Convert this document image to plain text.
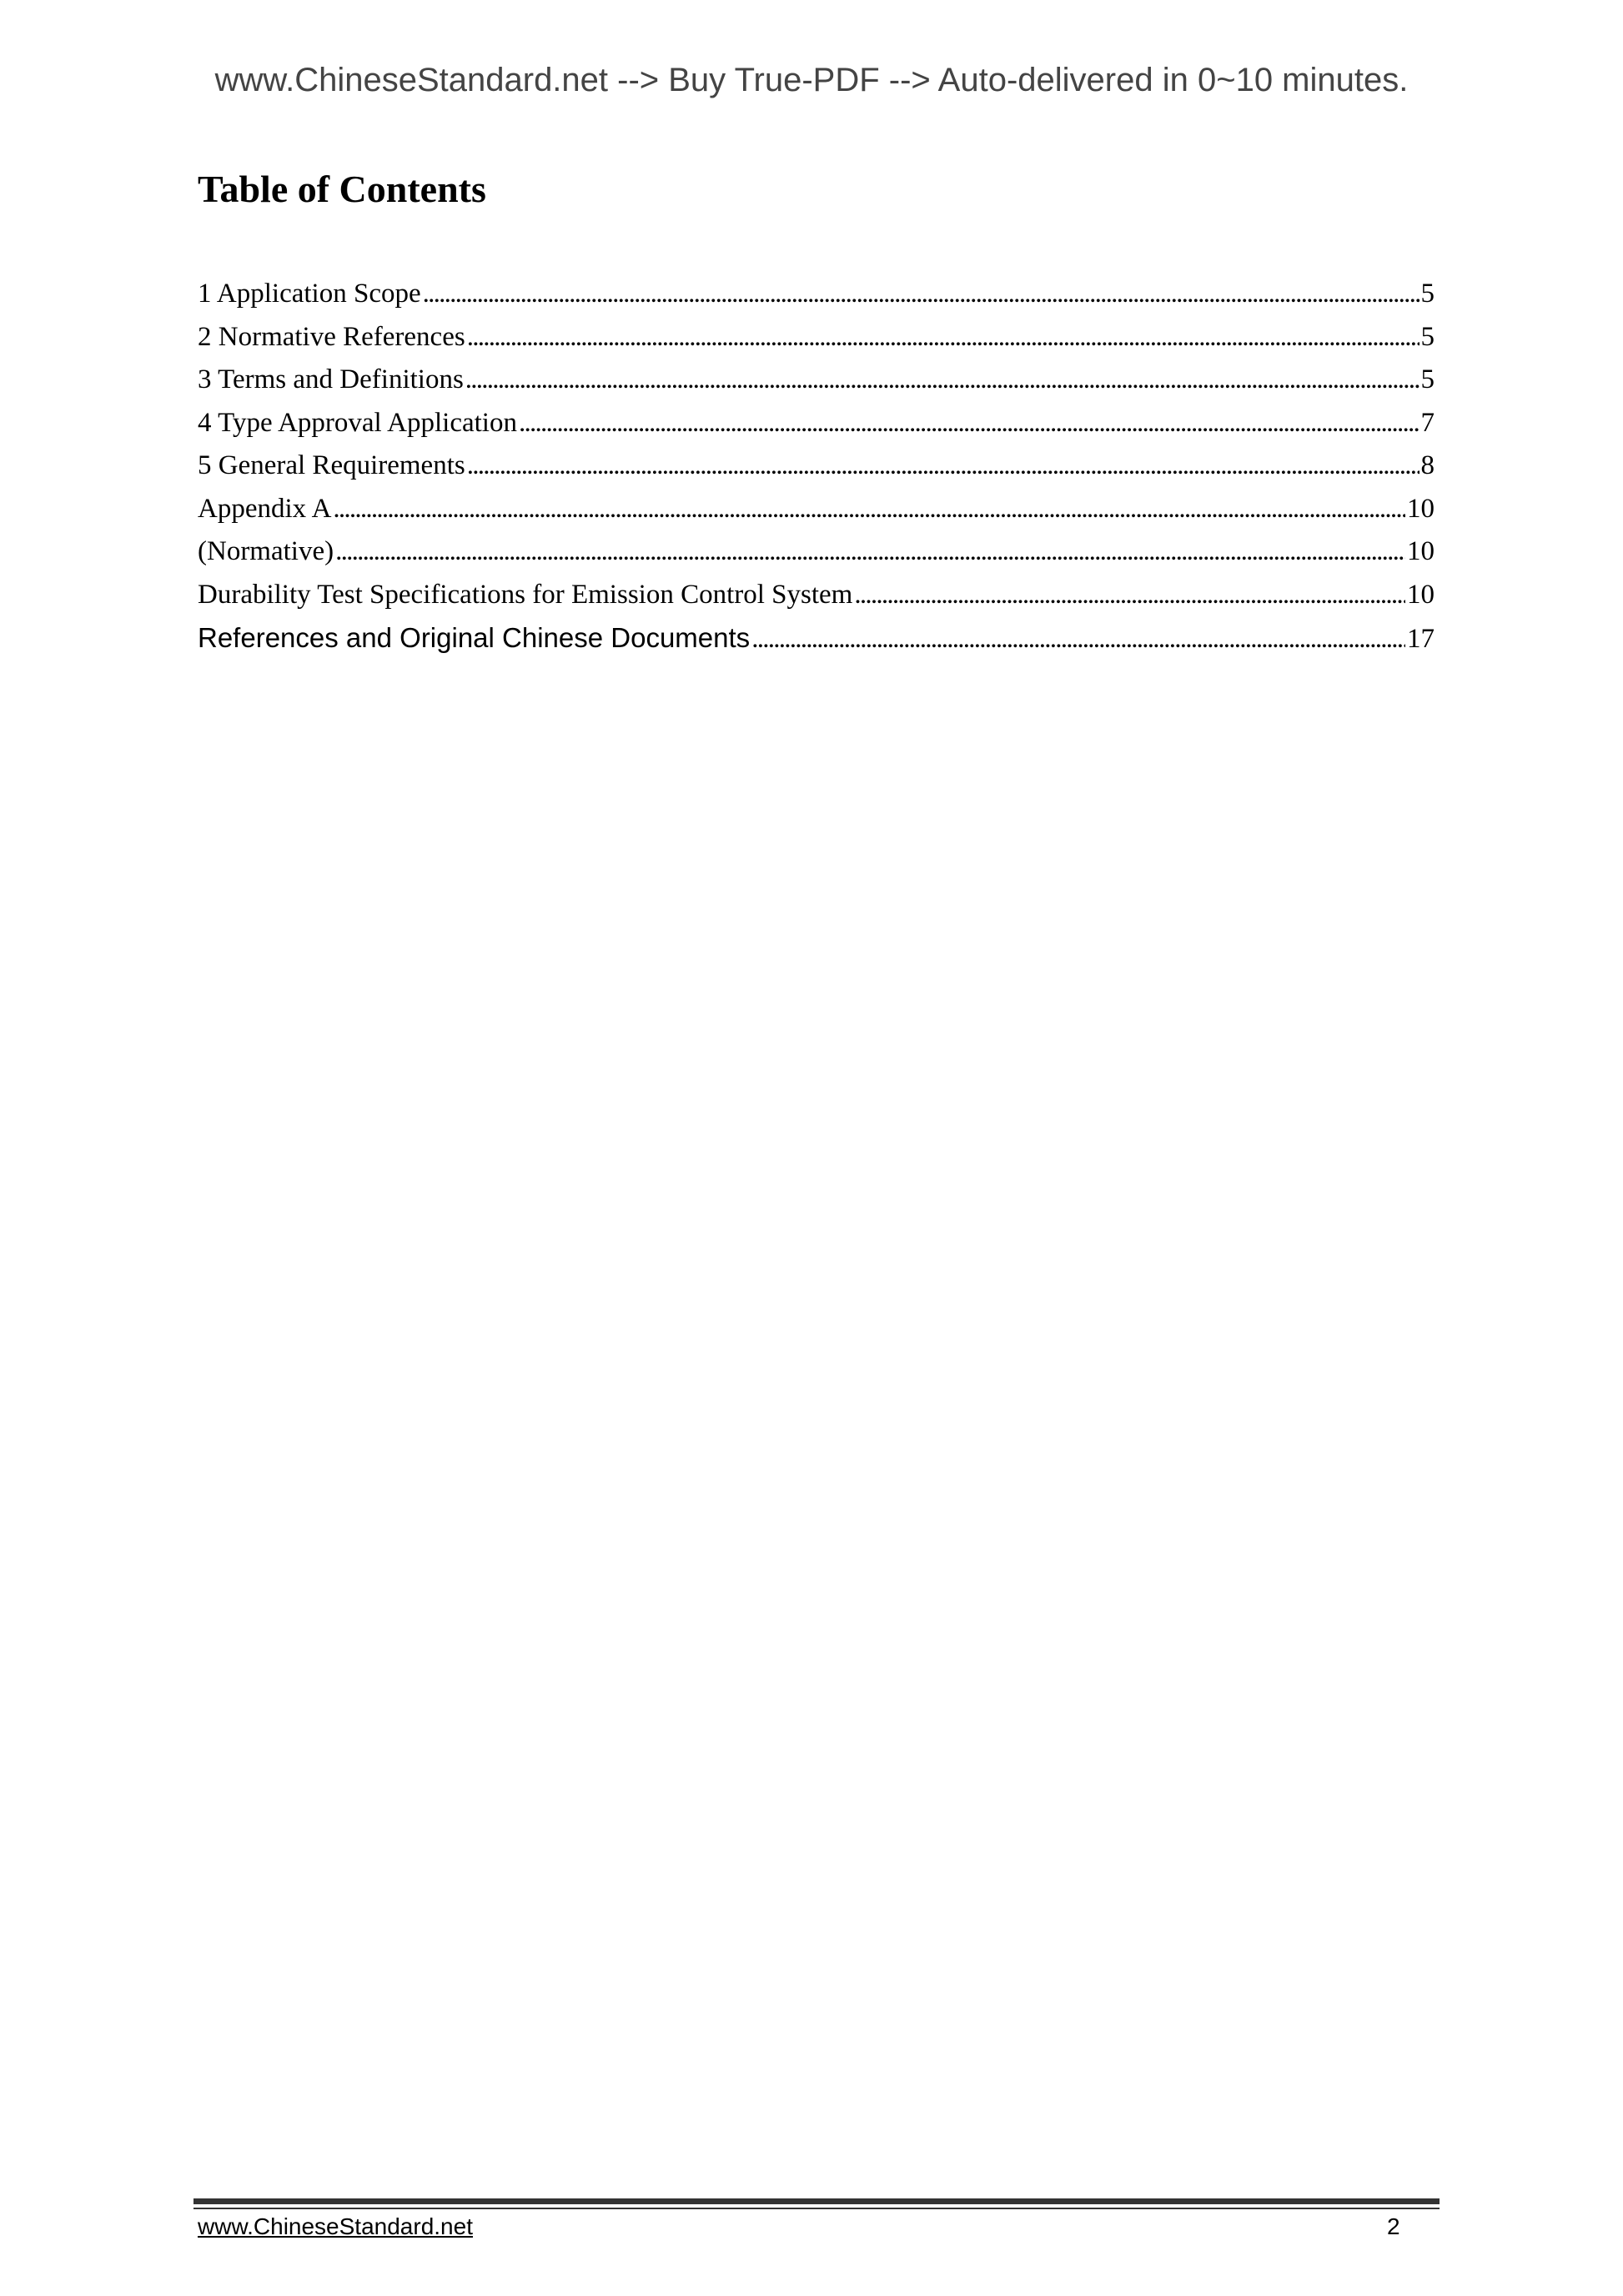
www.ChineseStandard.net --> Buy True-PDF --> Auto-delivered in 0~10 minutes.
Table of Contents
1 Application Scope . . .	5
2 Normative References . . .	5
3 Terms and Definitions . . .	5
4 Type Approval Application . . .	7
5 General Requirements . . .	8
Appendix A . . .	10
(Normative) . . .	10
Durability Test Specifications for Emission Control System . . .	10
References and Original Chinese Documents . . .	17
www.ChineseStandard.net	2
